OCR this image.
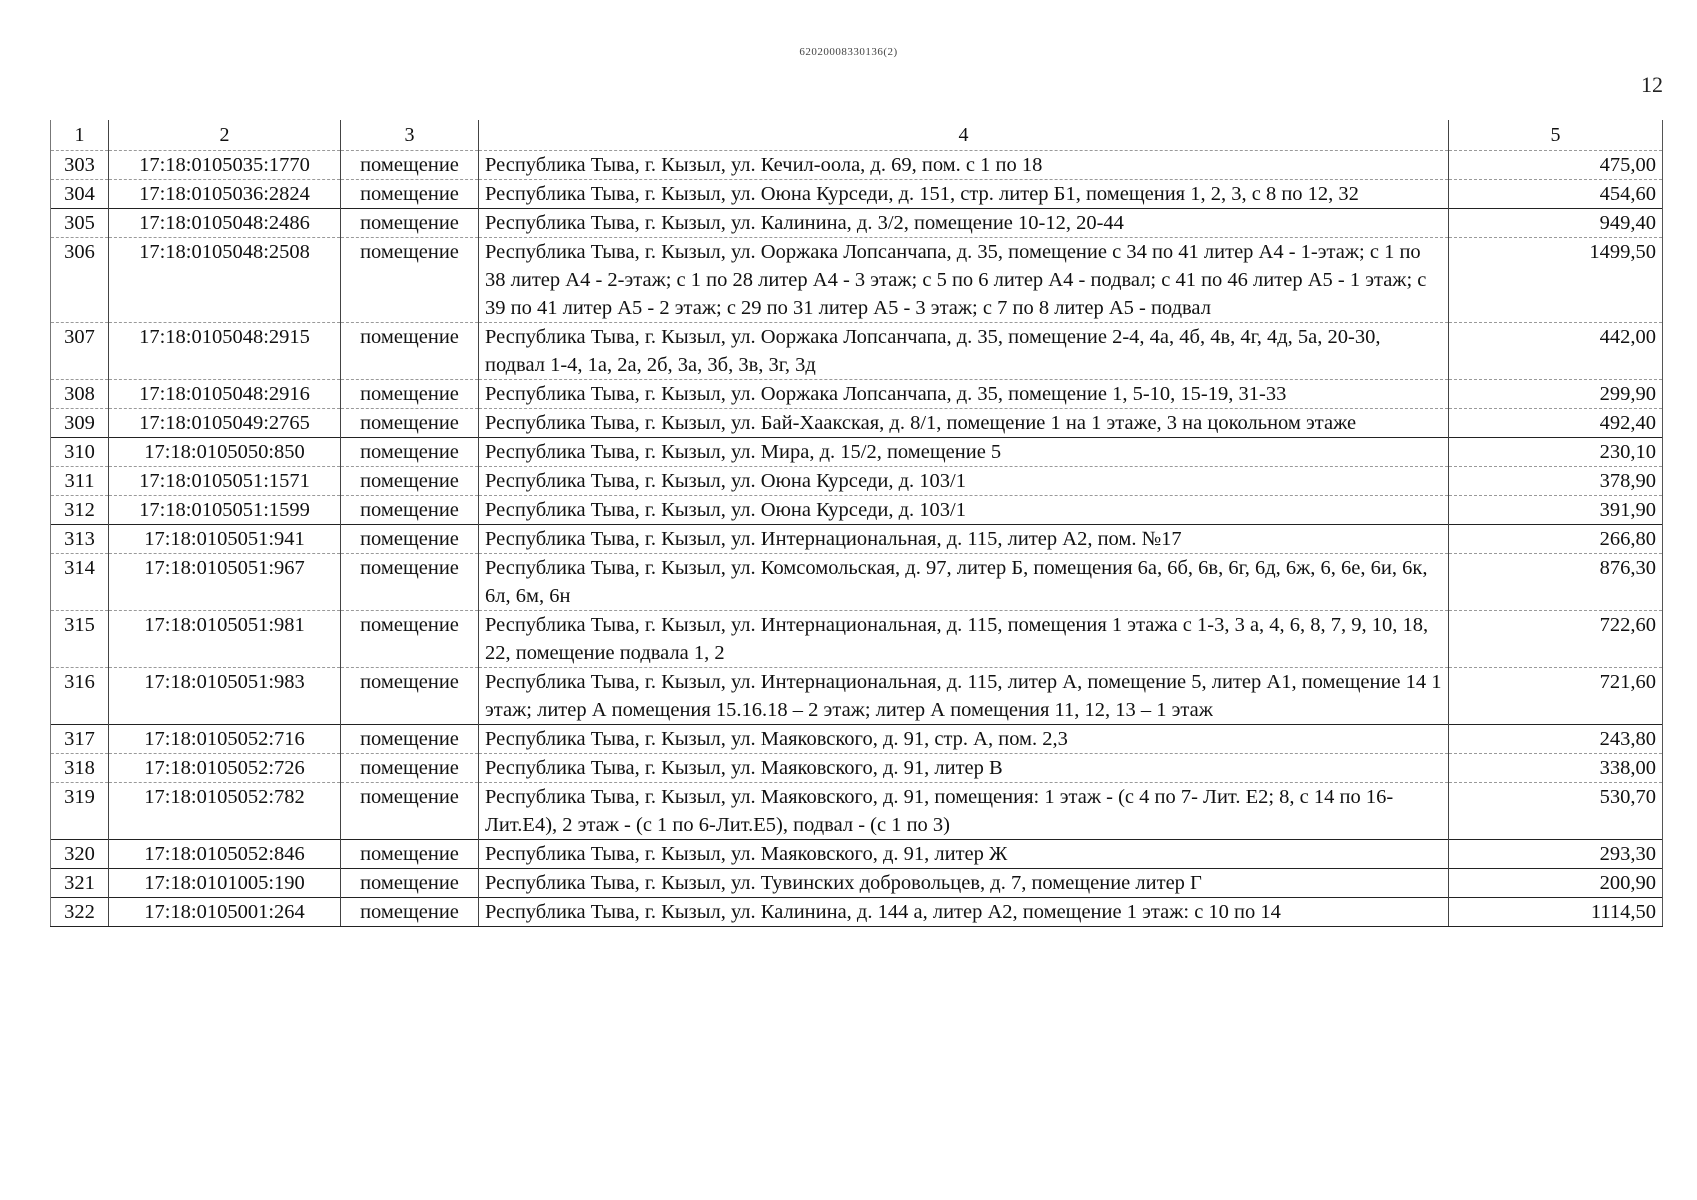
62020008330136(2)
12
1	2	3	4	5
303	17:18:0105035:1770	помещение	Республика Тыва, г. Кызыл, ул. Кечил-оола, д. 69, пом. с 1 по 18	475,00
304	17:18:0105036:2824	помещение	Республика Тыва, г. Кызыл, ул. Оюна Курседи, д. 151, стр. литер Б1, помещения 1, 2, 3, с 8 по 12, 32	454,60
305	17:18:0105048:2486	помещение	Республика Тыва, г. Кызыл, ул. Калинина, д. 3/2, помещение 10-12, 20-44	949,40
306	17:18:0105048:2508	помещение	Республика Тыва, г. Кызыл, ул. Ооржака Лопсанчапа, д. 35, помещение с 34 по 41 литер А4 - 1-этаж; с 1 по 38 литер А4 - 2-этаж; с 1 по 28 литер А4 - 3 этаж; с 5 по 6 литер А4 - подвал; с 41 по 46 литер А5 - 1 этаж; с 39 по 41 литер А5 - 2 этаж; с 29 по 31 литер А5 - 3 этаж; с 7 по 8 литер А5 - подвал	1499,50
307	17:18:0105048:2915	помещение	Республика Тыва, г. Кызыл, ул. Ооржака Лопсанчапа, д. 35, помещение 2-4, 4а, 4б, 4в, 4г, 4д, 5а, 20-30, подвал 1-4, 1а, 2а, 2б, 3а, 3б, 3в, 3г, 3д	442,00
308	17:18:0105048:2916	помещение	Республика Тыва, г. Кызыл, ул. Ооржака Лопсанчапа, д. 35, помещение 1, 5-10, 15-19, 31-33	299,90
309	17:18:0105049:2765	помещение	Республика Тыва, г. Кызыл, ул. Бай-Хаакская, д. 8/1, помещение 1 на 1 этаже, 3 на цокольном этаже	492,40
310	17:18:0105050:850	помещение	Республика Тыва, г. Кызыл, ул. Мира, д. 15/2, помещение 5	230,10
311	17:18:0105051:1571	помещение	Республика Тыва, г. Кызыл, ул. Оюна Курседи, д. 103/1	378,90
312	17:18:0105051:1599	помещение	Республика Тыва, г. Кызыл, ул. Оюна Курседи, д. 103/1	391,90
313	17:18:0105051:941	помещение	Республика Тыва, г. Кызыл, ул. Интернациональная, д. 115, литер А2, пом. №17	266,80
314	17:18:0105051:967	помещение	Республика Тыва, г. Кызыл, ул. Комсомольская, д. 97, литер Б, помещения 6а, 6б, 6в, 6г, 6д, 6ж, 6, 6е, 6и, 6к, 6л, 6м, 6н	876,30
315	17:18:0105051:981	помещение	Республика Тыва, г. Кызыл, ул. Интернациональная, д. 115, помещения 1 этажа с 1-3, 3 а, 4, 6, 8, 7, 9, 10, 18, 22, помещение подвала 1, 2	722,60
316	17:18:0105051:983	помещение	Республика Тыва, г. Кызыл, ул. Интернациональная, д. 115, литер А, помещение 5, литер А1, помещение 14 1 этаж; литер А помещения 15.16.18 – 2 этаж; литер А помещения 11, 12, 13 – 1 этаж	721,60
317	17:18:0105052:716	помещение	Республика Тыва, г. Кызыл, ул. Маяковского, д. 91, стр. А, пом. 2,3	243,80
318	17:18:0105052:726	помещение	Республика Тыва, г. Кызыл, ул. Маяковского, д. 91, литер В	338,00
319	17:18:0105052:782	помещение	Республика Тыва, г. Кызыл, ул. Маяковского, д. 91, помещения: 1 этаж - (с 4 по 7- Лит. Е2; 8, с 14 по 16- Лит.Е4), 2 этаж - (с 1 по 6-Лит.Е5), подвал - (с 1 по 3)	530,70
320	17:18:0105052:846	помещение	Республика Тыва, г. Кызыл, ул. Маяковского, д. 91, литер Ж	293,30
321	17:18:0101005:190	помещение	Республика Тыва, г. Кызыл, ул. Тувинских добровольцев, д. 7, помещение литер Г	200,90
322	17:18:0105001:264	помещение	Республика Тыва, г. Кызыл, ул. Калинина, д. 144 а, литер А2, помещение 1 этаж: с 10 по 14	1114,50
